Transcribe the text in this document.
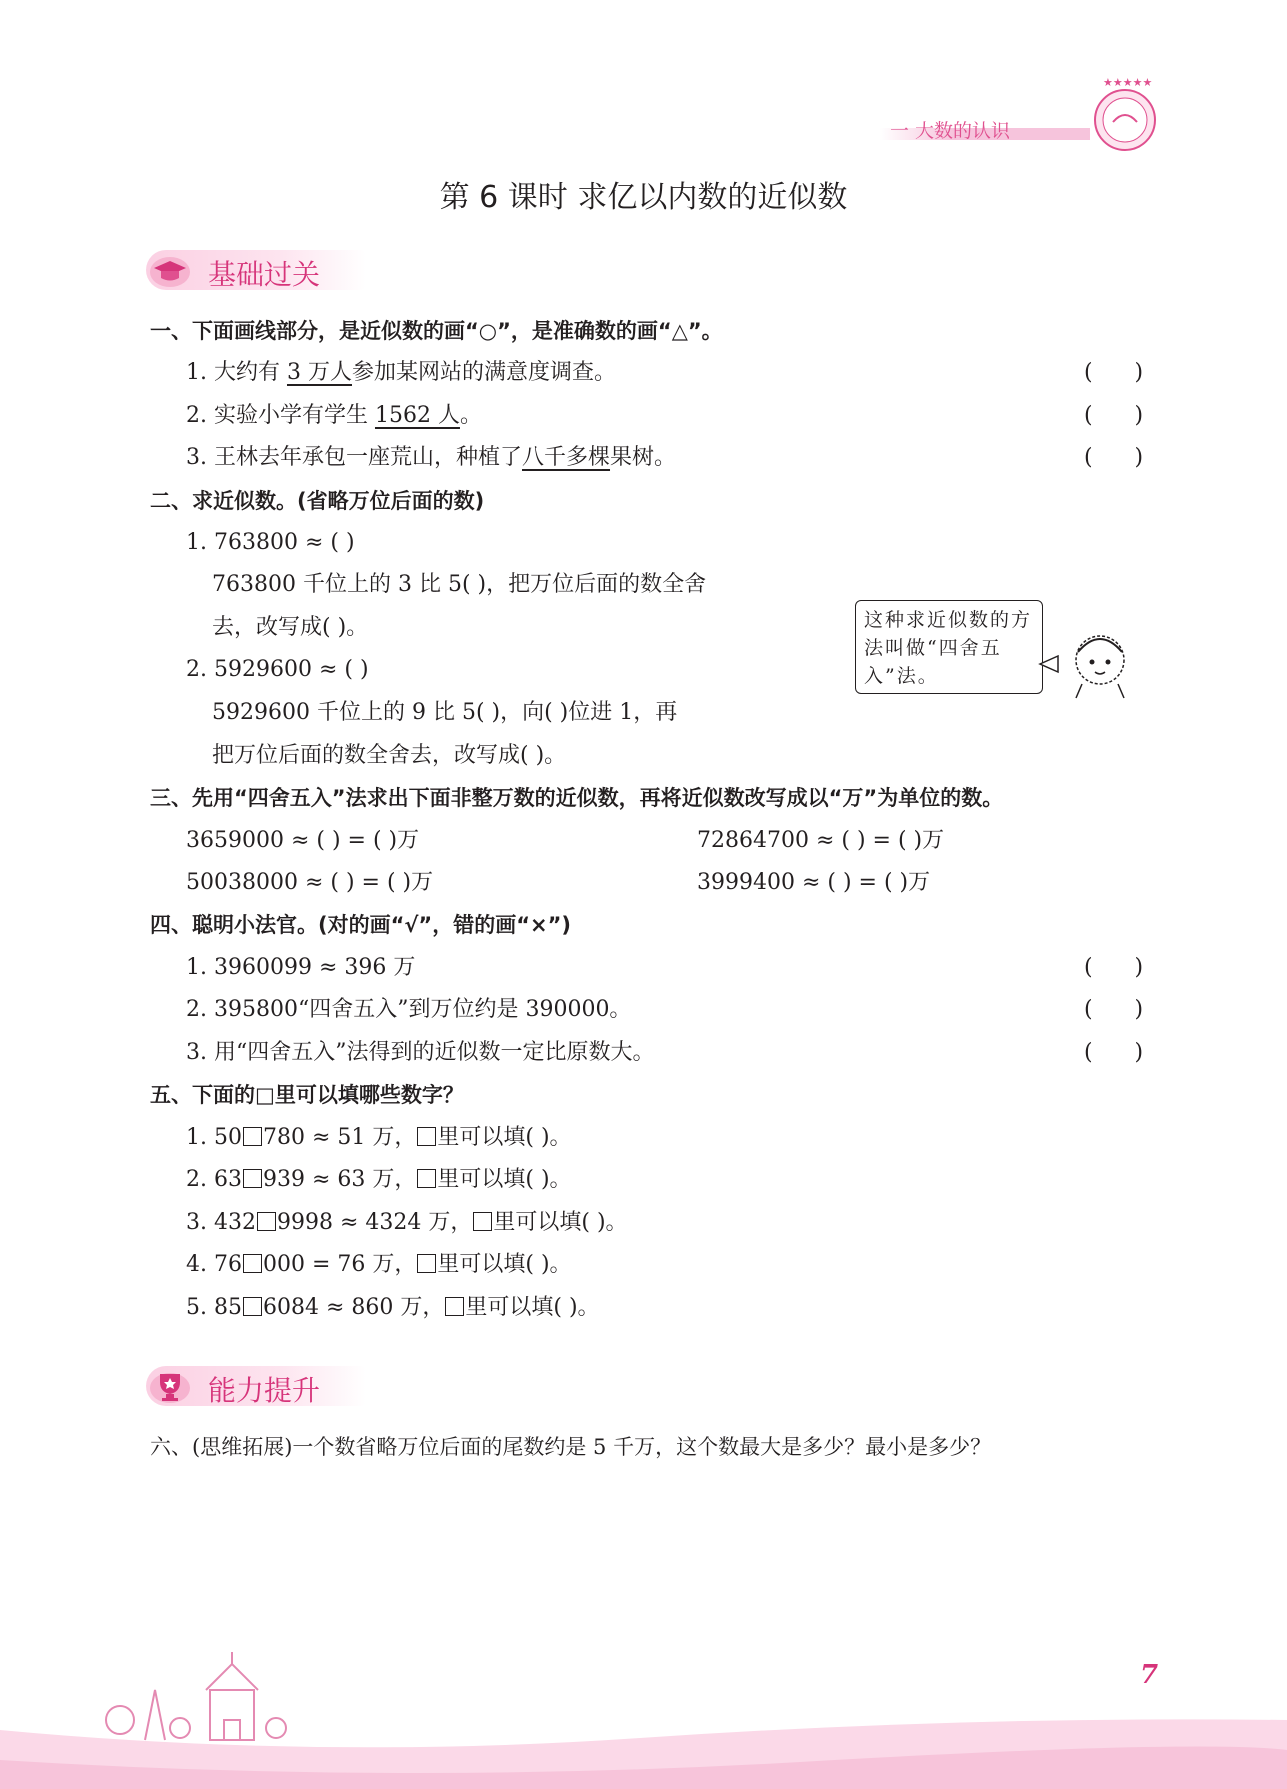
一 大数的认识
★★★★★
第 6 课时 求亿以内数的近似数
基础过关
一、下面画线部分，是近似数的画“○”，是准确数的画“△”。
1. 大约有 3 万人参加某网站的满意度调查。	(      )
2. 实验小学有学生 1562 人。	(      )
3. 王林去年承包一座荒山，种植了八千多棵果树。	(      )
二、求近似数。(省略万位后面的数)
1. 763800 ≈ ( )
763800 千位上的 3 比 5( )，把万位后面的数全舍
去，改写成( )。
2. 5929600 ≈ ( )
5929600 千位上的 9 比 5( )，向( )位进 1，再
把万位后面的数全舍去，改写成( )。
这种求近似数的方法叫做“四舍五入”法。
三、先用“四舍五入”法求出下面非整万数的近似数，再将近似数改写成以“万”为单位的数。
3659000 ≈ ( ) = ( )万	72864700 ≈ ( ) = ( )万
50038000 ≈ ( ) = ( )万	3999400 ≈ ( ) = ( )万
四、聪明小法官。(对的画“√”，错的画“×”)
1. 3960099 ≈ 396 万	(      )
2. 395800“四舍五入”到万位约是 390000。	(      )
3. 用“四舍五入”法得到的近似数一定比原数大。	(      )
五、下面的□里可以填哪些数字？
1. 50 780 ≈ 51 万， 里可以填( )。
2. 63 939 ≈ 63 万， 里可以填( )。
3. 432 9998 ≈ 4324 万， 里可以填( )。
4. 76 000 = 76 万， 里可以填( )。
5. 85 6084 ≈ 860 万， 里可以填( )。
能力提升
六、(思维拓展)一个数省略万位后面的尾数约是 5 千万，这个数最大是多少？最小是多少？
7
